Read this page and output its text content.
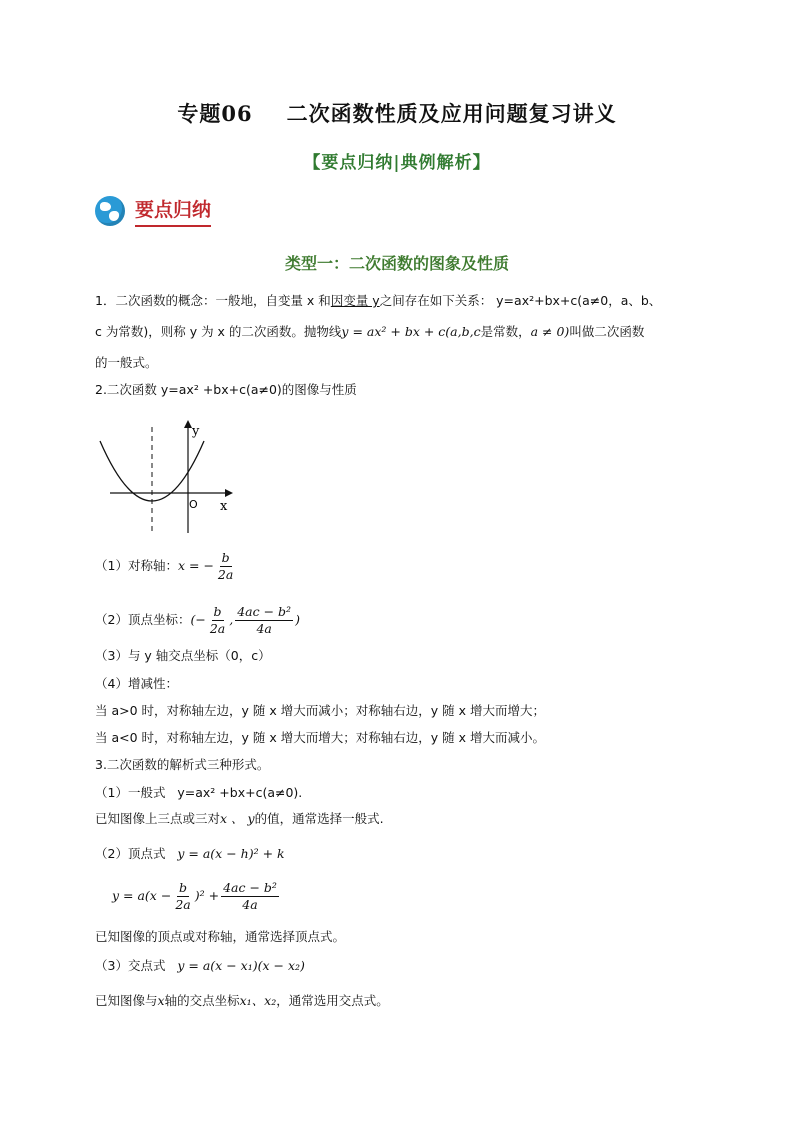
专题06 二次函数性质及应用问题复习讲义
【要点归纳|典例解析】
要点归纳
类型一：二次函数的图象及性质
1．二次函数的概念：一般地，自变量 x 和因变量 y之间存在如下关系： y=ax²+bx+c(a≠0，a、b、
c 为常数)，则称 y 为 x 的二次函数。抛物线y = ax² + bx + c(a,b,c是常数，a ≠ 0)叫做二次函数
的一般式。
2.二次函数 y=ax² +bx+c(a≠0)的图像与性质
y
x
O
（1）对称轴：x = − $\frac{b}{2a}$
（2）顶点坐标：(− $\frac{b}{2a}$ , $\frac{\text{4ac − b²}}{4a}$ )
（3）与 y 轴交点坐标（0，c）
（4）增减性：
当 a>0 时，对称轴左边，y 随 x 增大而减小；对称轴右边，y 随 x 增大而增大；
当 a<0 时，对称轴左边，y 随 x 增大而增大；对称轴右边，y 随 x 增大而减小。
3.二次函数的解析式三种形式。
（1）一般式 y=ax² +bx+c(a≠0).
已知图像上三点或三对x 、 y的值，通常选择一般式.
（2）顶点式 y = a(x − h)² + k
$y = a(x - \frac{b}{2a} )^2 + \frac{\text{4ac − b²}}{4a}$
已知图像的顶点或对称轴，通常选择顶点式。
（3）交点式 y = a(x − x₁)(x − x₂)
已知图像与x轴的交点坐标x₁、x₂，通常选用交点式。
